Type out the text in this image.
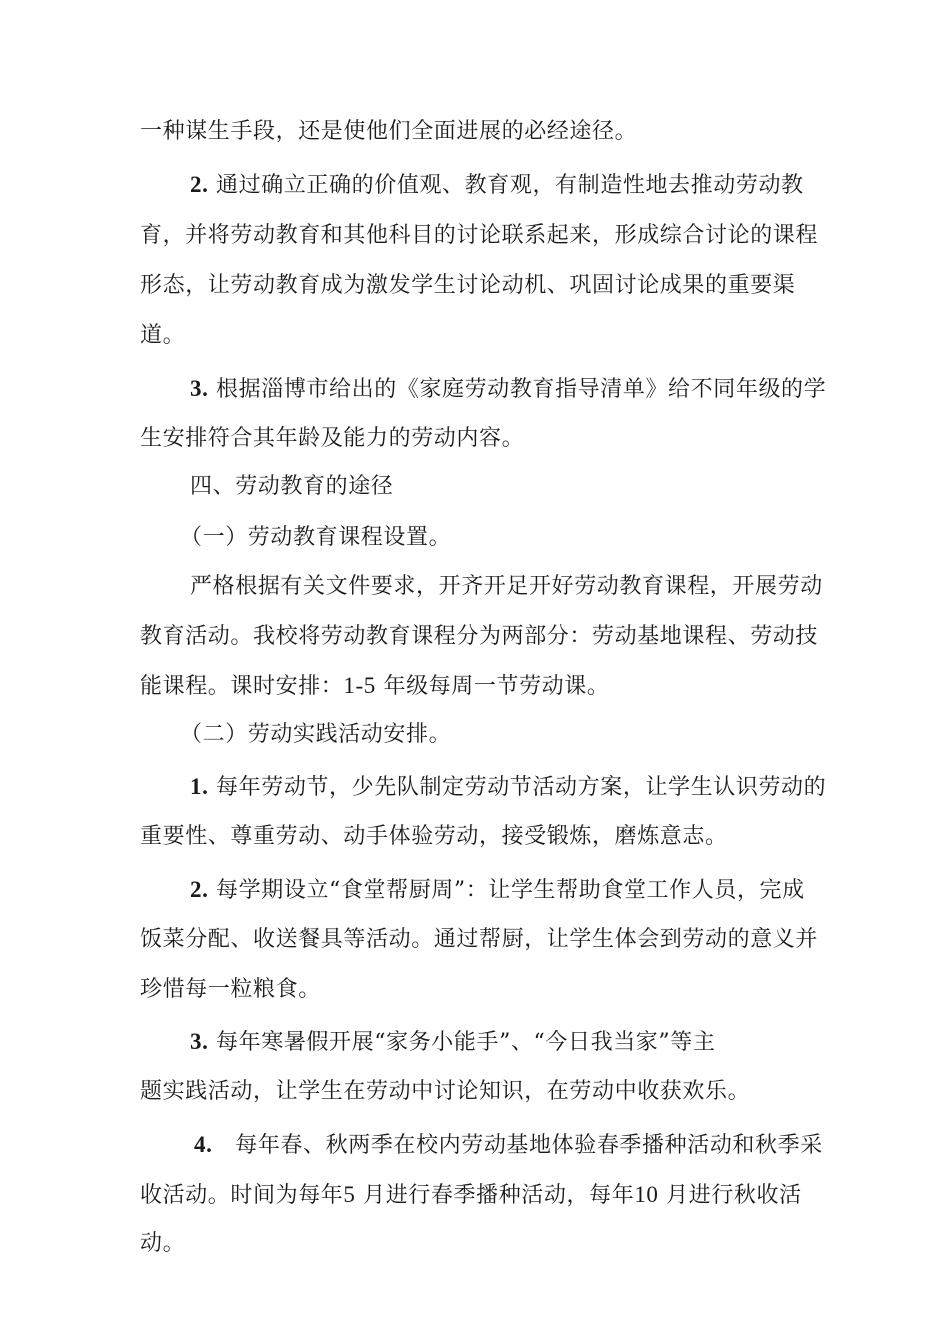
一种谋生手段，还是使他们全面进展的必经途径。
2. 通过确立正确的价值观、教育观，有制造性地去推动劳动教
育，并将劳动教育和其他科目的讨论联系起来，形成综合讨论的课程
形态，让劳动教育成为激发学生讨论动机、巩固讨论成果的重要渠
道。
3. 根据淄博市给出的《家庭劳动教育指导清单》给不同年级的学
生安排符合其年龄及能力的劳动内容。
四、劳动教育的途径
（一）劳动教育课程设置。
严格根据有关文件要求，开齐开足开好劳动教育课程，开展劳动
教育活动。我校将劳动教育课程分为两部分：劳动基地课程、劳动技
能课程。课时安排：1-5 年级每周一节劳动课。
（二）劳动实践活动安排。
1. 每年劳动节，少先队制定劳动节活动方案，让学生认识劳动的
重要性、尊重劳动、动手体验劳动，接受锻炼，磨炼意志。
2. 每学期设立“食堂帮厨周”：让学生帮助食堂工作人员，完成
饭菜分配、收送餐具等活动。通过帮厨，让学生体会到劳动的意义并
珍惜每一粒粮食。
3. 每年寒暑假开展“家务小能手”、“今日我当家”等主
题实践活动，让学生在劳动中讨论知识，在劳动中收获欢乐。
4.   每年春、秋两季在校内劳动基地体验春季播种活动和秋季采
收活动。时间为每年5 月进行春季播种活动，每年10 月进行秋收活
动。
